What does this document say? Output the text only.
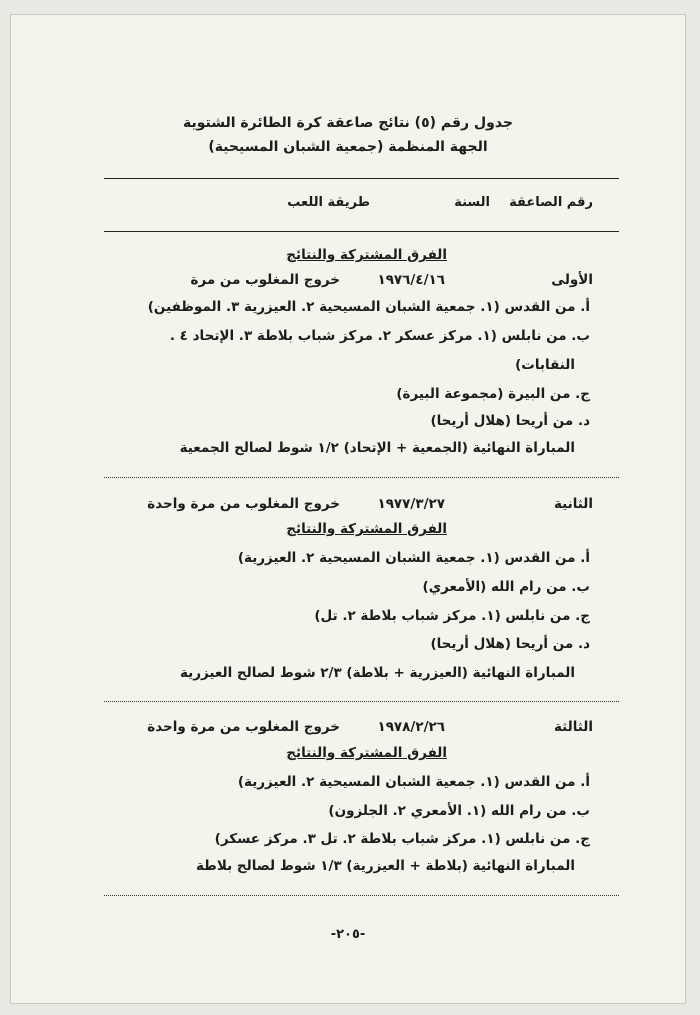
جدول رقم (٥) نتائج صاعقة كرة الطائرة الشتوية
الجهة المنظمة (جمعية الشبان المسيحية)
رقم الصاعقة
السنة
طريقة اللعب
الفرق المشتركة والنتائج
الأولى
١٩٧٦/٤/١٦
خروج المغلوب من مرة
أ. من القدس (١. جمعية الشبان المسيحية ٢. العيزرية ٣. الموظفين)
ب. من نابلس (١. مركز عسكر ٢. مركز شباب بلاطة ٣. الإتحاد ٤ .
النقابات)
ج. من البيرة (مجموعة البيرة)
د. من أريحا (هلال أريحا)
المباراة النهائية (الجمعية + الإتحاد) ١/٢ شوط لصالح الجمعية
الثانية
١٩٧٧/٣/٢٧
خروج المغلوب من مرة واحدة
الفرق المشتركة والنتائج
أ. من القدس (١. جمعية الشبان المسيحية ٢. العيزرية)
ب. من رام الله (الأمعري)
ج. من نابلس (١. مركز شباب بلاطة ٢. تل)
د. من أريحا (هلال أريحا)
المباراة النهائية (العيزرية + بلاطة) ٢/٣ شوط لصالح العيزرية
الثالثة
١٩٧٨/٢/٢٦
خروج المغلوب من مرة واحدة
الفرق المشتركة والنتائج
أ. من القدس (١. جمعية الشبان المسيحية ٢. العيزرية)
ب. من رام الله (١. الأمعري ٢. الجلزون)
ج. من نابلس (١. مركز شباب بلاطة ٢. تل ٣. مركز عسكر)
المباراة النهائية (بلاطة + العيزرية) ١/٣ شوط لصالح بلاطة
-٢٠٥-
